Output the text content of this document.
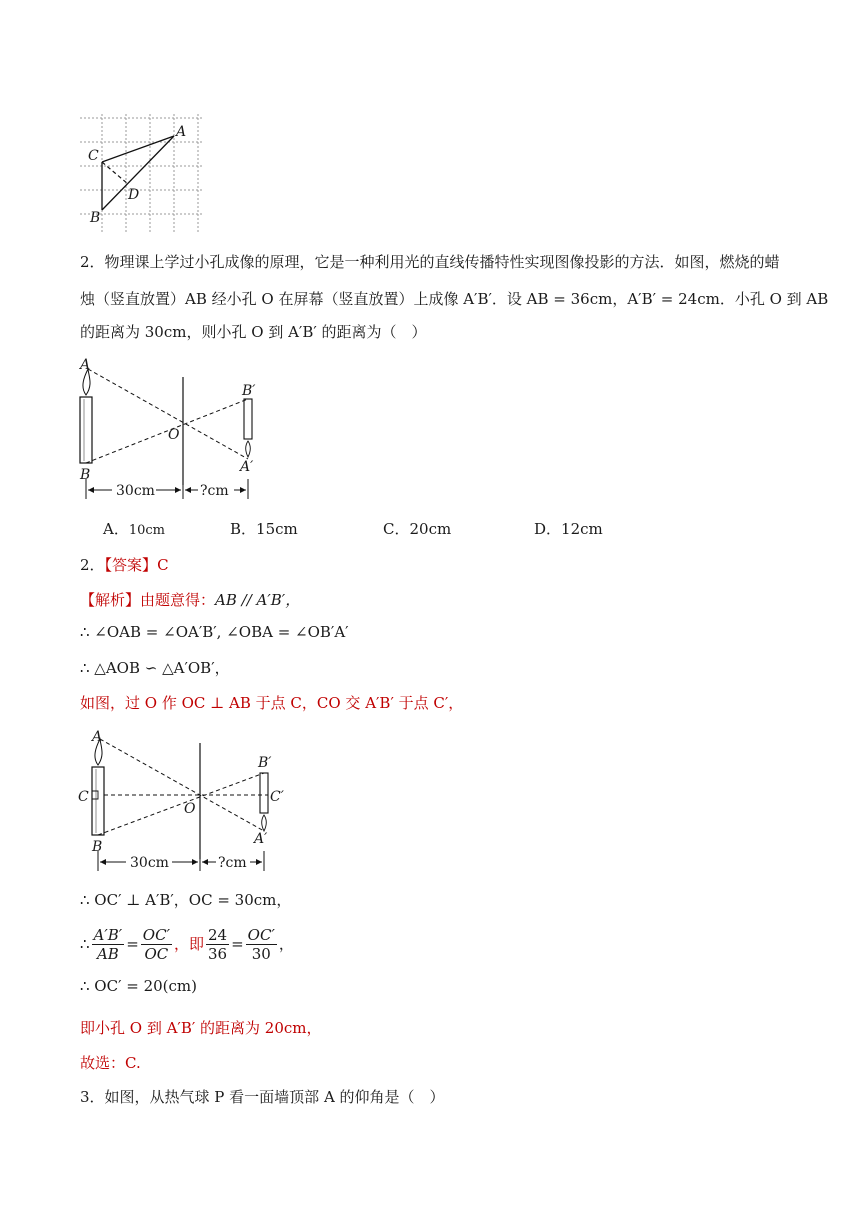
A
C
D
B
2．物理课上学过小孔成像的原理，它是一种利用光的直线传播特性实现图像投影的方法．如图，燃烧的蜡
烛（竖直放置）AB 经小孔 O 在屏幕（竖直放置）上成像 A′B′．设 AB = 36cm，A′B′ = 24cm．小孔 O 到 AB
的距离为 30cm，则小孔 O 到 A′B′ 的距离为（　）
A
B
O
B′
A′
30cm	?cm
A．10cm	B．15cm	C．20cm	D．12cm
2．【答案】C
【解析】由题意得：AB // A′B′，
∴ ∠OAB = ∠OA′B′, ∠OBA = ∠OB′A′
∴ △AOB ∽ △A′OB′，
如图，过 O 作 OC ⊥ AB 于点 C，CO 交 A′B′ 于点 C′，
A
C
B
O
B′
C′
A′
30cm	?cm
∴ OC′ ⊥ A′B′，OC = 30cm，
∴ $\frac{A'B'}{AB} = \frac{OC'}{OC}$ ，即 $\frac{24}{36} = \frac{OC'}{30}$ ，
∴ OC′ = 20(cm)
即小孔 O 到 A′B′ 的距离为 20cm，
故选：C.
3．如图，从热气球 P 看一面墙顶部 A 的仰角是（　）
